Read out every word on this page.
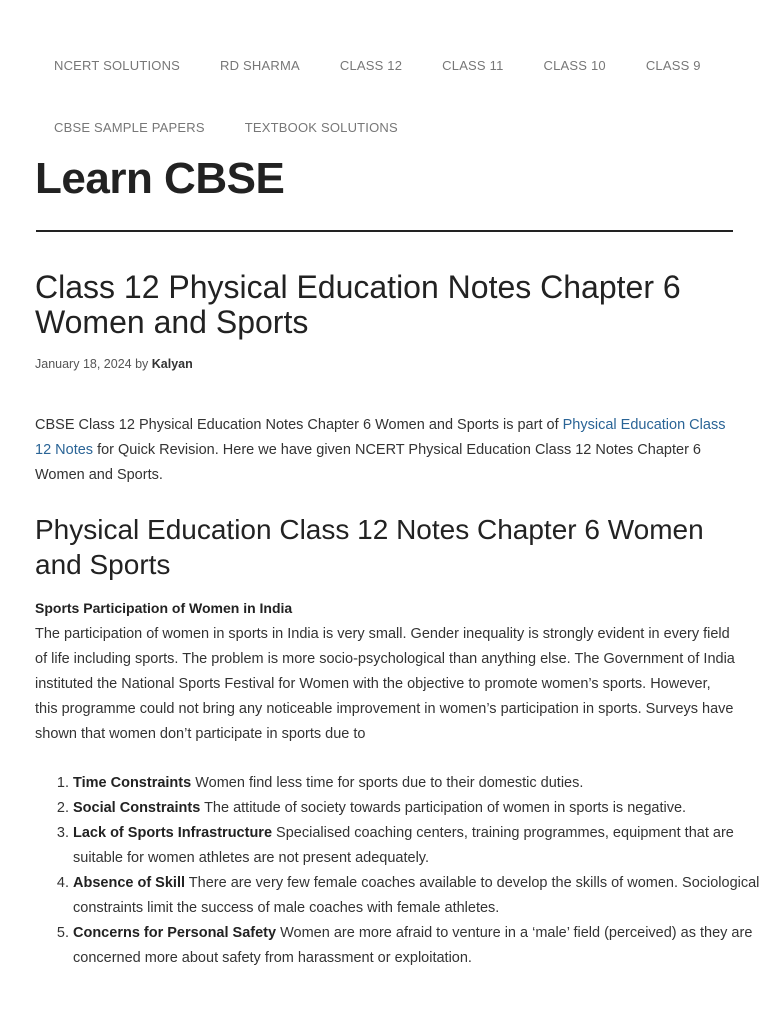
NCERT SOLUTIONS	RD SHARMA	CLASS 12	CLASS 11	CLASS 10	CLASS 9
CBSE SAMPLE PAPERS	TEXTBOOK SOLUTIONS
Learn CBSE
Class 12 Physical Education Notes Chapter 6 Women and Sports
January 18, 2024 by Kalyan

CBSE Class 12 Physical Education Notes Chapter 6 Women and Sports is part of Physical Education Class 12 Notes for Quick Revision. Here we have given NCERT Physical Education Class 12 Notes Chapter 6 Women and Sports.

Physical Education Class 12 Notes Chapter 6 Women and Sports
Sports Participation of Women in India

The participation of women in sports in India is very small. Gender inequality is strongly evident in every field of life including sports. The problem is more socio-psychological than anything else. The Government of India instituted the National Sports Festival for Women with the objective to promote women’s sports. However, this programme could not bring any noticeable improvement in women’s participation in sports. Surveys have shown that women don’t participate in sports due to

1. Time Constraints Women find less time for sports due to their domestic duties.
2. Social Constraints The attitude of society towards participation of women in sports is negative.
3. Lack of Sports Infrastructure Specialised coaching centers, training programmes, equipment that are suitable for women athletes are not present adequately.
4. Absence of Skill There are very few female coaches available to develop the skills of women. Sociological constraints limit the success of male coaches with female athletes.
5. Concerns for Personal Safety Women are more afraid to venture in a ‘male’ field (perceived) as they are concerned more about safety from harassment or exploitation.
